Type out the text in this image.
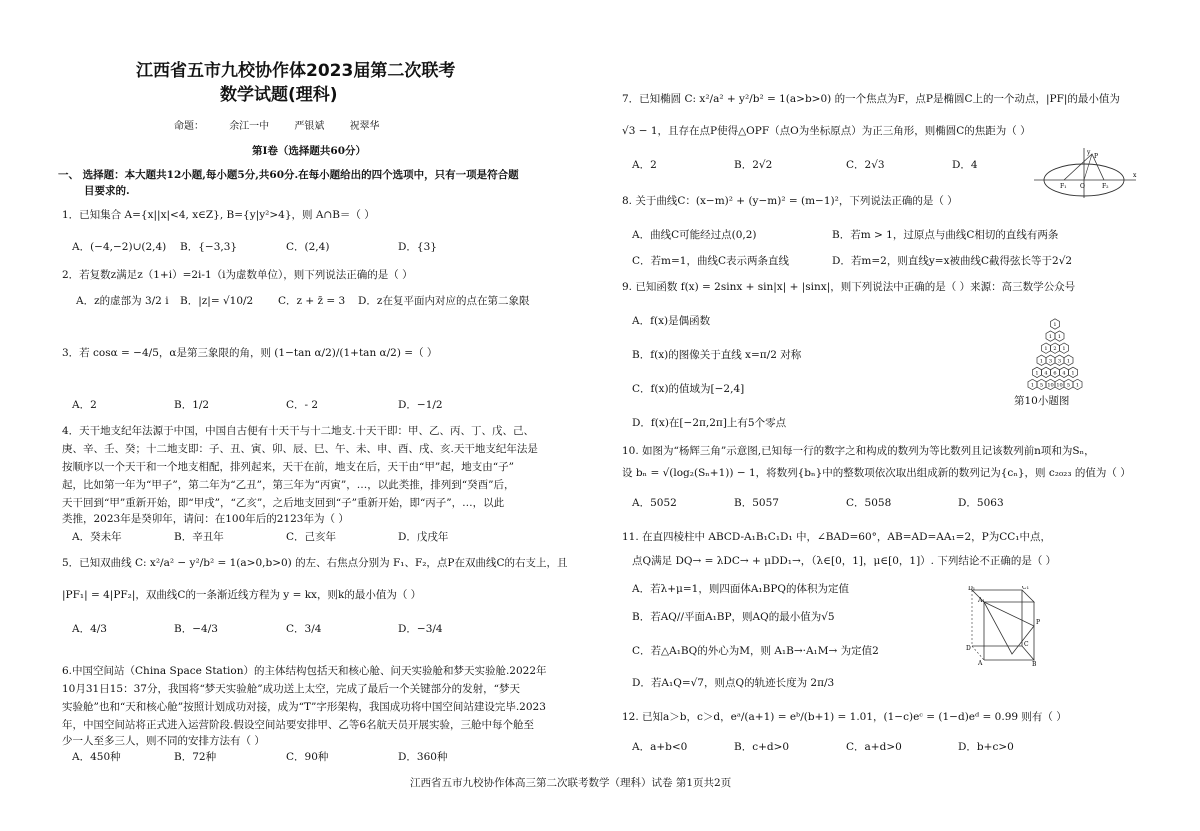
江西省五市九校协作体2023届第二次联考
数学试题(理科)
命题：	余江一中	严银斌	祝翠华
第Ⅰ卷（选择题共60分）
一、 选择题：本大题共12小题,每小题5分,共60分.在每小题给出的四个选项中，只有一项是符合题
目要求的.
1．已知集合 A={x||x|<4, x∈Z}, B={y|y²>4}，则 A∩B＝（ ）
A．(−4,−2)∪(2,4) B．{−3,3}	C．(2,4)	D．{3}
2．若复数z满足z（1+i）=2i-1（i为虚数单位），则下列说法正确的是（ ）
A．z的虚部为 3/2 i B．|z|= √10/2 C．z + z̄ = 3 D．z在复平面内对应的点在第二象限
3．若 cosα = −4/5，α是第三象限的角，则 (1−tan α/2)/(1+tan α/2) =（ ）
A．2	B．1/2	C．- 2	D．−1/2
4．天干地支纪年法源于中国，中国自古便有十天干与十二地支.十天干即：甲、乙、丙、丁、戊、己、
庚、辛、壬、癸；十二地支即：子、丑、寅、卯、辰、巳、午、未、申、酉、戌、亥.天干地支纪年法是
按顺序以一个天干和一个地支相配，排列起来，天干在前，地支在后，天干由“甲”起，地支由“子”
起，比如第一年为“甲子”，第二年为“乙丑”，第三年为“丙寅”，…，以此类推，排列到“癸酉”后，
天干回到“甲”重新开始，即“甲戌”，“乙亥”，之后地支回到“子”重新开始，即“丙子”，…，以此
类推，2023年是癸卯年，请问：在100年后的2123年为（ ）
A．癸未年	B．辛丑年	C．己亥年	D．戊戌年
5．已知双曲线 C: x²/a² − y²/b² = 1(a>0,b>0) 的左、右焦点分别为 F₁、F₂，点P在双曲线C的右支上，且
|PF₁| = 4|PF₂|，双曲线C的一条渐近线方程为 y = kx，则k的最小值为（ ）
A．4/3	B．−4/3	C．3/4	D．−3/4
6.中国空间站（China Space Station）的主体结构包括天和核心舱、问天实验舱和梦天实验舱.2022年
10月31日15：37分，我国将“梦天实验舱”成功送上太空，完成了最后一个关键部分的发射，“梦天
实验舱”也和“天和核心舱”按照计划成功对接，成为“T”字形架构，我国成功将中国空间站建设完毕.2023
年，中国空间站将正式进入运营阶段.假设空间站要安排甲、乙等6名航天员开展实验，三舱中每个舱至
少一人至多三人，则不同的安排方法有（ ）
A．450种	B．72种	C．90种	D．360种
7．已知椭圆 C: x²/a² + y²/b² = 1(a>b>0) 的一个焦点为F，点P是椭圆C上的一个动点，|PF|的最小值为
√3 − 1，且存在点P使得△OPF（点O为坐标原点）为正三角形，则椭圆C的焦距为（ ）
A．2	B．2√2	C．2√3	D．4
y
P
F₁ O	F₂
x
8. 关于曲线C：(x−m)² + (y−m)² = (m−1)²，下列说法正确的是（ ）
A．曲线C可能经过点(0,2)	B．若m > 1，过原点与曲线C相切的直线有两条
C．若m=1，曲线C表示两条直线	D．若m=2，则直线y=x被曲线C截得弦长等于2√2
9. 已知函数 f(x) = 2sinx + sin|x| + |sinx|，则下列说法中正确的是（ ）来源：高三数学公众号
A．f(x)是偶函数
B．f(x)的图像关于直线 x=π/2 对称
C．f(x)的值域为[−2,4]
D．f(x)在[−2π,2π]上有5个零点
1
1 1
1 2 1
1 3 3 1
1 4 6 4 1
1 5 10 10 5 1
第10小题图
10. 如图为“杨辉三角”示意图,已知每一行的数字之和构成的数列为等比数列且记该数列前n项和为Sₙ，
设 bₙ = √(log₂(Sₙ+1)) − 1，将数列{bₙ}中的整数项依次取出组成新的数列记为{cₙ}，则 c₂₀₂₃ 的值为（ ）
A．5052	B．5057	C．5058	D．5063
11. 在直四棱柱中 ABCD-A₁B₁C₁D₁ 中，∠BAD=60°，AB=AD=AA₁=2，P为CC₁中点，
点Q满足 DQ→ = λDC→ + μDD₁→，（λ∈[0，1]，μ∈[0，1]）. 下列结论不正确的是（ ）
A．若λ+μ=1，则四面体A₁BPQ的体积为定值
B．若AQ//平面A₁BP，则AQ的最小值为√5
C．若△A₁BQ的外心为M，则 A₁B→·A₁M→ 为定值2
D．若A₁Q=√7，则点Q的轨迹长度为 2π/3
D₁	C₁
A₁
P
D
C
A	B
12. 已知a＞b，c＞d，eᵃ/(a+1) = eᵇ/(b+1) = 1.01，(1−c)eᶜ = (1−d)eᵈ = 0.99 则有（ ）
A．a+b<0	B．c+d>0	C．a+d>0	D．b+c>0
江西省五市九校协作体高三第二次联考数学（理科）试卷 第1页共2页
